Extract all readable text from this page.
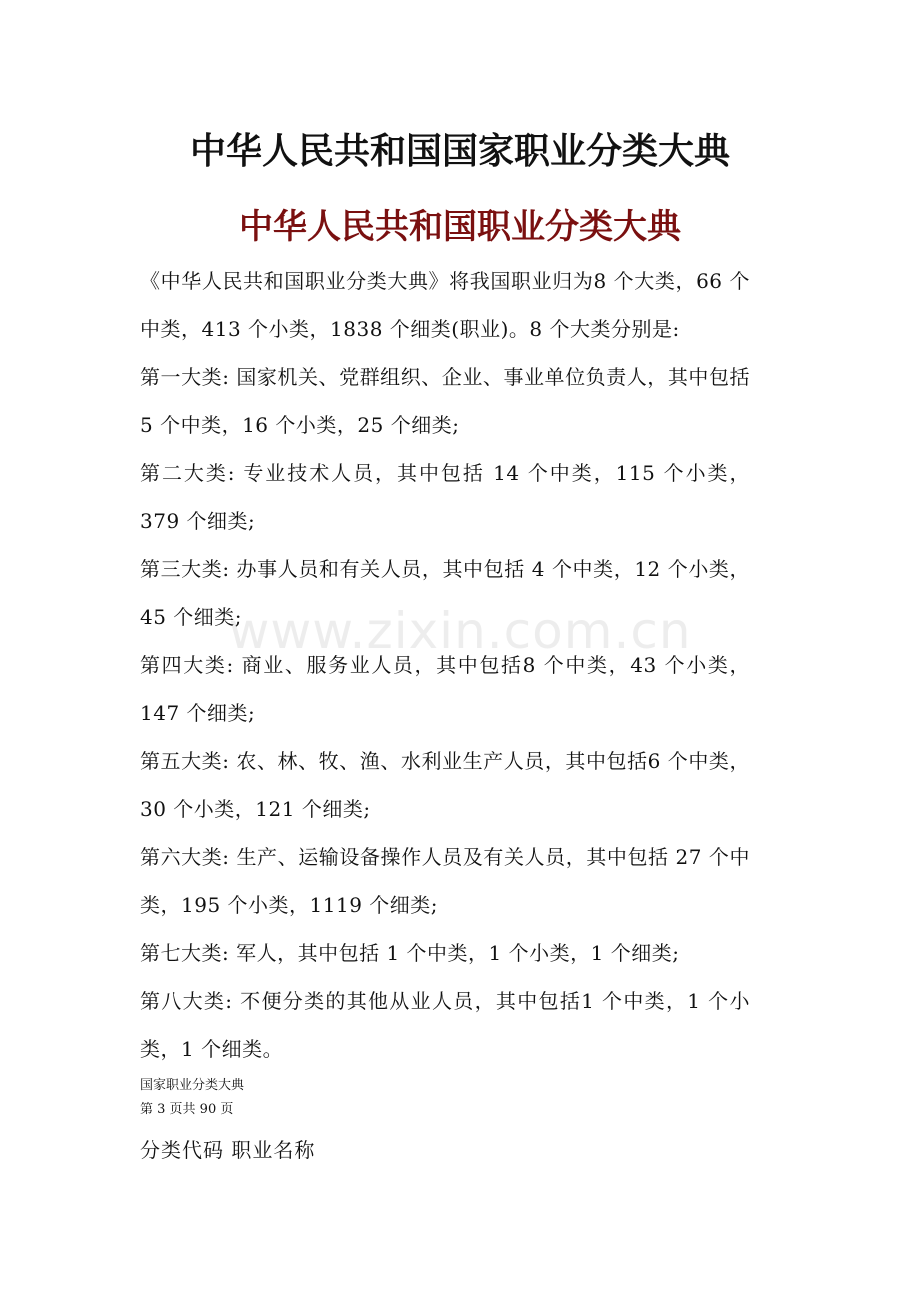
中华人民共和国国家职业分类大典
中华人民共和国职业分类大典

《中华人民共和国职业分类大典》将我国职业归为8 个大类，66 个中类，413 个小类，1838 个细类(职业)。8 个大类分别是:

第一大类: 国家机关、党群组织、企业、事业单位负责人，其中包括5 个中类，16 个小类，25 个细类;

第二大类: 专业技术人员，其中包括 14 个中类，115 个小类，379 个细类;

第三大类: 办事人员和有关人员，其中包括 4 个中类，12 个小类，45 个细类;

第四大类: 商业、服务业人员，其中包括8 个中类，43 个小类，147 个细类;

第五大类: 农、林、牧、渔、水利业生产人员，其中包括6 个中类，30 个小类，121 个细类;

第六大类: 生产、运输设备操作人员及有关人员，其中包括 27 个中类，195 个小类，1119 个细类;

第七大类: 军人，其中包括 1 个中类，1 个小类，1 个细类;

第八大类: 不便分类的其他从业人员，其中包括1 个中类，1 个小类，1 个细类。

国家职业分类大典
第 3 页共 90 页
分类代码 职业名称
www.zixin.com.cn
